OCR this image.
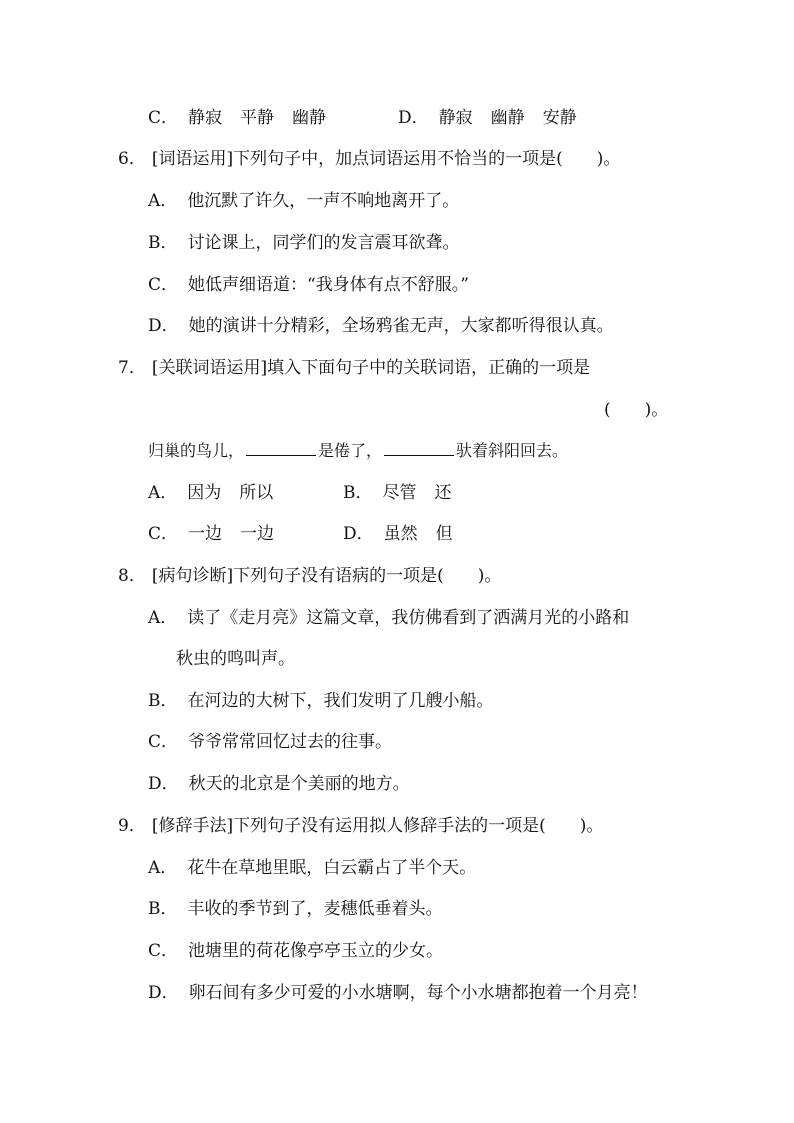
C． 静寂 平静 幽静	D． 静寂 幽静 安静
6． [词语运用]下列句子中，加点词语运用不恰当的一项是(　　)。
A． 他沉默了许久，一声不响地离开了。
B． 讨论课上，同学们的发言震耳欲聋。
C． 她低声细语道：“我身体有点不舒服。”
D． 她的演讲十分精彩，全场鸦雀无声，大家都听得很认真。
7． [关联词语运用]填入下面句子中的关联词语，正确的一项是
(　　)。
归巢的鸟儿，	是倦了，	驮着斜阳回去。
A． 因为 所以	B． 尽管 还
C． 一边 一边	D． 虽然 但
8． [病句诊断]下列句子没有语病的一项是(　　)。
A． 读了《走月亮》这篇文章，我仿佛看到了洒满月光的小路和
秋虫的鸣叫声。
B． 在河边的大树下，我们发明了几艘小船。
C． 爷爷常常回忆过去的往事。
D． 秋天的北京是个美丽的地方。
9． [修辞手法]下列句子没有运用拟人修辞手法的一项是(　　)。
A． 花牛在草地里眠，白云霸占了半个天。
B． 丰收的季节到了，麦穗低垂着头。
C． 池塘里的荷花像亭亭玉立的少女。
D． 卵石间有多少可爱的小水塘啊，每个小水塘都抱着一个月亮！
